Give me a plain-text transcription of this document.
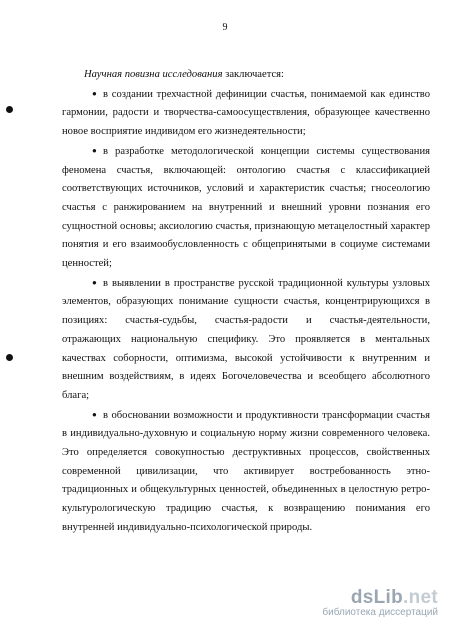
9

Научная повизна исследования заключается:

● в создании трехчастной дефиниции счастья, понимаемой как единство гармонии, радости и творчества-самоосуществления, образующее качественно новое восприятие индивидом его жизнедеятельности;

● в разработке методологической концепции системы существования феномена счастья, включающей: онтологию счастья с классификацией соответствующих источников, условий и характеристик счастья; гносеологию счастья с ранжированием на внутренний и внешний уровни познания его сущностной основы; аксиологию счастья, признающую метацелостный характер понятия и его взаимообусловленность с общепринятыми в социуме системами ценностей;

● в выявлении в пространстве русской традиционной культуры узловых элементов, образующих понимание сущности счастья, концентрирующихся в позициях: счастья-судьбы, счастья-радости и счастья-деятельности, отражающих национальную специфику. Это проявляется в ментальных качествах соборности, оптимизма, высокой устойчивости к внутренним и внешним воздействиям, в идеях Богочеловечества и всеобщего абсолютного блага;

● в обосновании возможности и продуктивности трансформации счастья в индивидуально-духовную и социальную норму жизни современного человека. Это определяется совокупностью деструктивных процессов, свойственных современной цивилизации, что активирует востребованность этно-традиционных и общекультурных ценностей, объединенных в целостную ретро-культурологическую традицию счастья, к возвращению понимания его внутренней индивидуально-психологической природы.

dsLib.net
библиотека диссертаций
